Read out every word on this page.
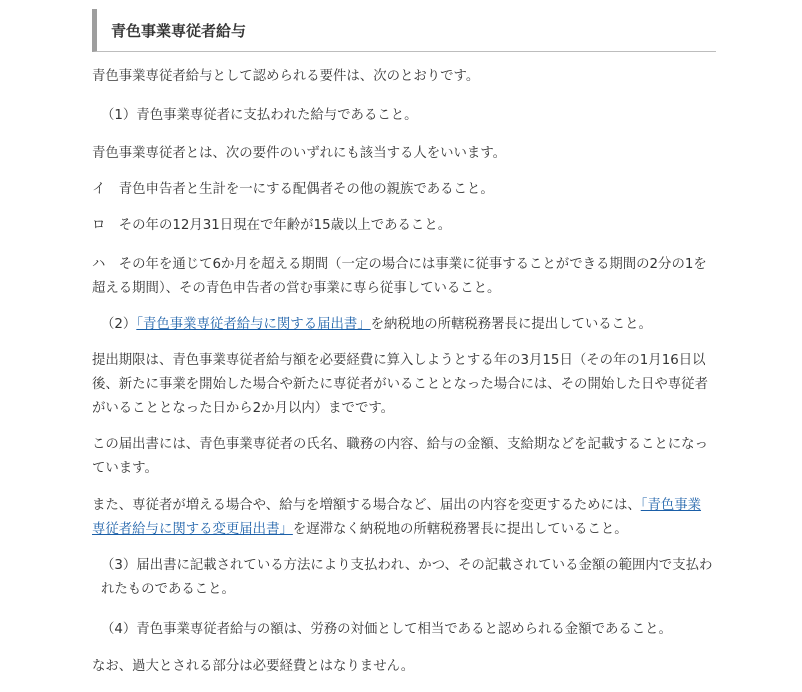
青色事業専従者給与

青色事業専従者給与として認められる要件は、次のとおりです。

（1）青色事業専従者に支払われた給与であること。

青色事業専従者とは、次の要件のいずれにも該当する人をいいます。

イ　青色申告者と生計を一にする配偶者その他の親族であること。

ロ　その年の12月31日現在で年齢が15歳以上であること。

ハ　その年を通じて6か月を超える期間（一定の場合には事業に従事することができる期間の2分の1を
超える期間）、その青色申告者の営む事業に専ら従事していること。

（2）「青色事業専従者給与に関する届出書」を納税地の所轄税務署長に提出していること。

提出期限は、青色事業専従者給与額を必要経費に算入しようとする年の3月15日（その年の1月16日以
後、新たに事業を開始した場合や新たに専従者がいることとなった場合には、その開始した日や専従者
がいることとなった日から2か月以内）までです。
この届出書には、青色事業専従者の氏名、職務の内容、給与の金額、支給期などを記載することになっ
ています。
また、専従者が増える場合や、給与を増額する場合など、届出の内容を変更するためには、「青色事業
専従者給与に関する変更届出書」を遅滞なく納税地の所轄税務署長に提出していること。
（3）届出書に記載されている方法により支払われ、かつ、その記載されている金額の範囲内で支払わ
れたものであること。

（4）青色事業専従者給与の額は、労務の対価として相当であると認められる金額であること。

なお、過大とされる部分は必要経費とはなりません。
